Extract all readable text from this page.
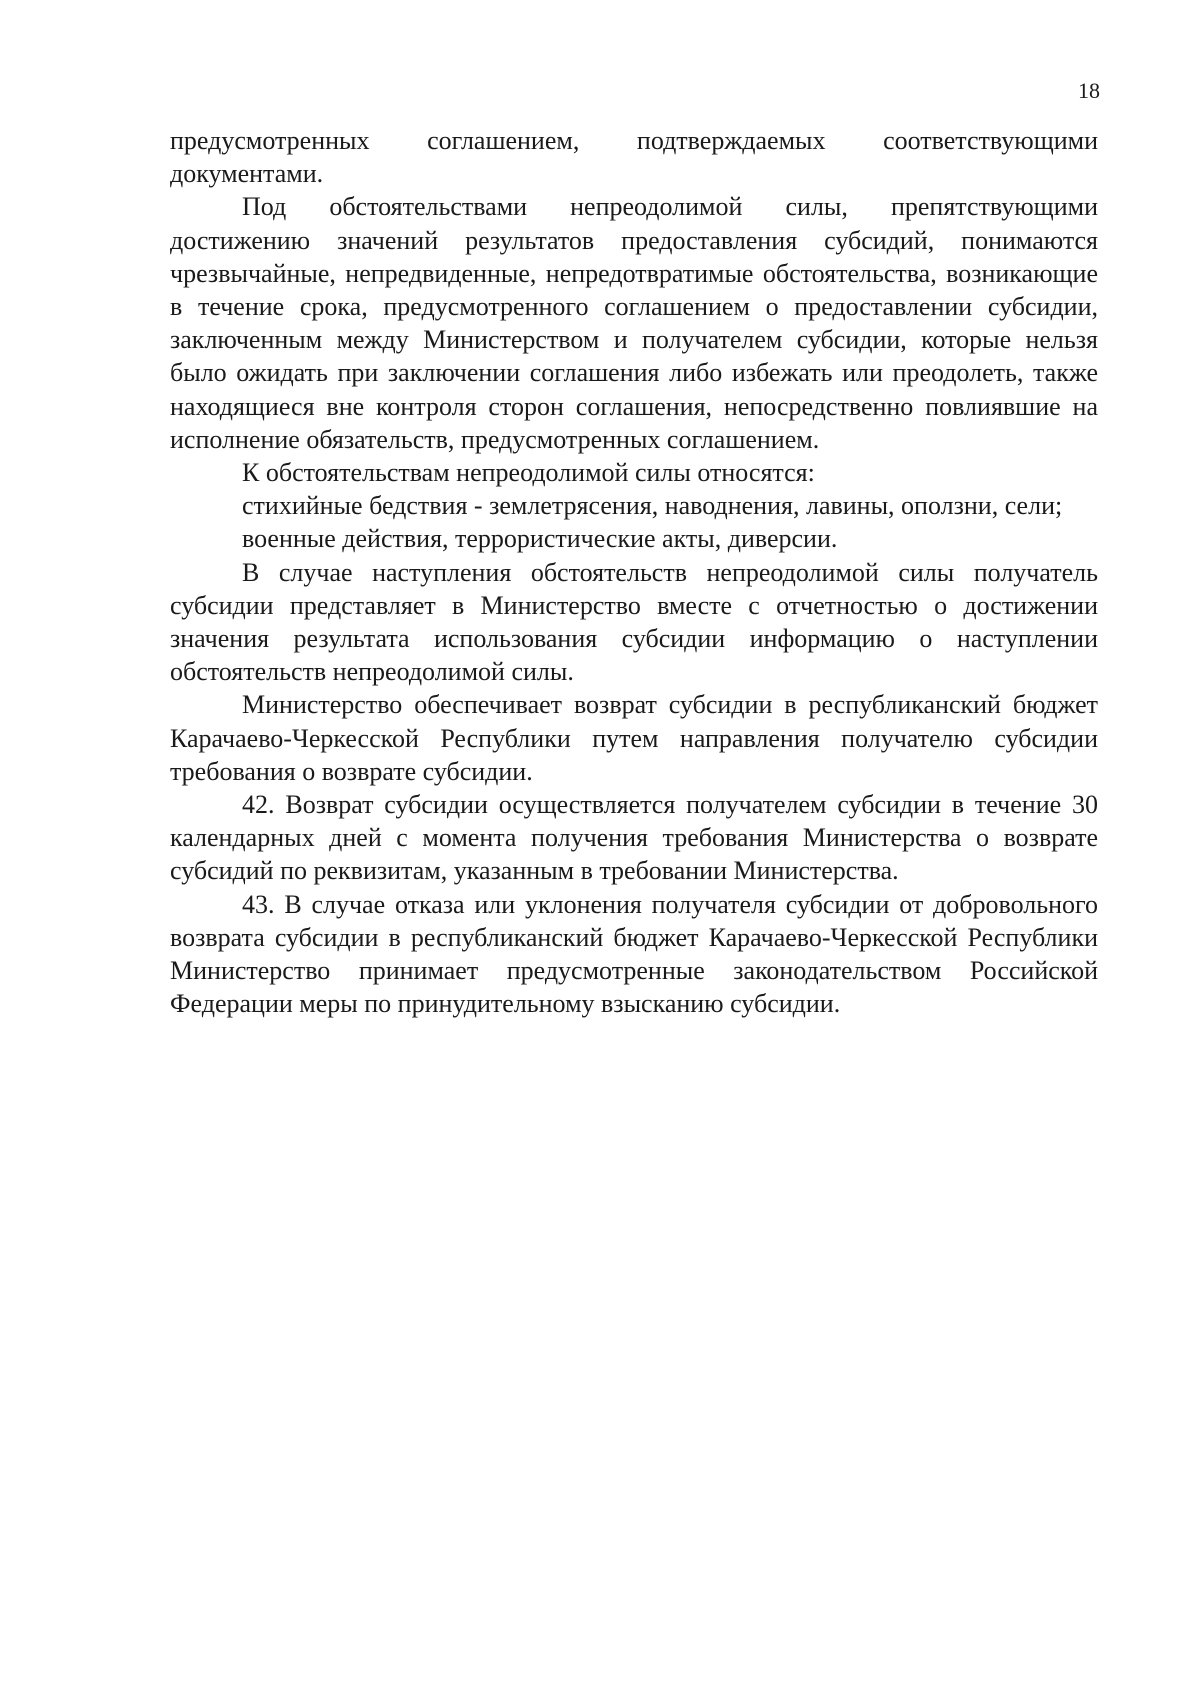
18

предусмотренных соглашением, подтверждаемых соответствующими документами.

Под обстоятельствами непреодолимой силы, препятствующими достижению значений результатов предоставления субсидий, понимаются чрезвычайные, непредвиденные, непредотвратимые обстоятельства, возникающие в течение срока, предусмотренного соглашением о предоставлении субсидии, заключенным между Министерством и получателем субсидии, которые нельзя было ожидать при заключении соглашения либо избежать или преодолеть, также находящиеся вне контроля сторон соглашения, непосредственно повлиявшие на исполнение обязательств, предусмотренных соглашением.

К обстоятельствам непреодолимой силы относятся:

стихийные бедствия - землетрясения, наводнения, лавины, оползни, сели;

военные действия, террористические акты, диверсии.

В случае наступления обстоятельств непреодолимой силы получатель субсидии представляет в Министерство вместе с отчетностью о достижении значения результата использования субсидии информацию о наступлении обстоятельств непреодолимой силы.

Министерство обеспечивает возврат субсидии в республиканский бюджет Карачаево-Черкесской Республики путем направления получателю субсидии требования о возврате субсидии.

42. Возврат субсидии осуществляется получателем субсидии в течение 30 календарных дней с момента получения требования Министерства о возврате субсидий по реквизитам, указанным в требовании Министерства.

43. В случае отказа или уклонения получателя субсидии от добровольного возврата субсидии в республиканский бюджет Карачаево-Черкесской Республики Министерство принимает предусмотренные законодательством Российской Федерации меры по принудительному взысканию субсидии.
